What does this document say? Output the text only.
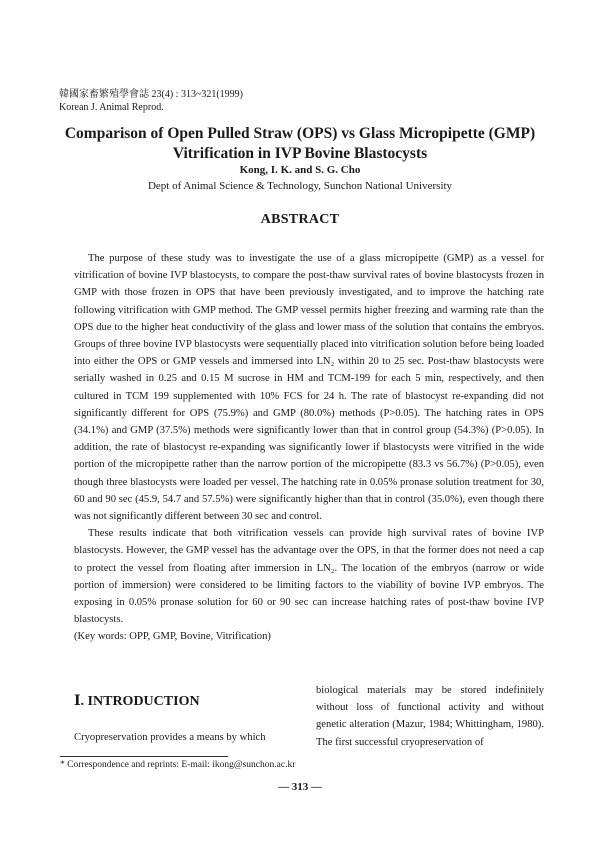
韓國家畜繁殖學會誌 23(4) : 313~321(1999)
Korean J. Animal Reprod.
Comparison of Open Pulled Straw (OPS) vs Glass Micropipette (GMP)
Vitrification in IVP Bovine Blastocysts
Kong, I. K. and S. G. Cho
Dept of Animal Science & Technology, Sunchon National University
ABSTRACT

The purpose of these study was to investigate the use of a glass micropipette (GMP) as a vessel for vitrification of bovine IVP blastocysts, to compare the post-thaw survival rates of bovine blastocysts frozen in GMP with those frozen in OPS that have been previously investigated, and to improve the hatching rate following vitrification with GMP method. The GMP vessel permits higher freezing and warming rate than the OPS due to the higher heat conductivity of the glass and lower mass of the solution that contains the embryos. Groups of three bovine IVP blastocysts were sequentially placed into vitrification solution before being loaded into either the OPS or GMP vessels and immersed into LN₂ within 20 to 25 sec. Post-thaw blastocysts were serially washed in 0.25 and 0.15 M sucrose in HM and TCM-199 for each 5 min, respectively, and then cultured in TCM 199 supplemented with 10% FCS for 24 h. The rate of blastocyst re-expanding did not significantly different for OPS (75.9%) and GMP (80.0%) methods (P>0.05). The hatching rates in OPS (34.1%) and GMP (37.5%) methods were significantly lower than that in control group (54.3%) (P>0.05). In addition, the rate of blastocyst re-expanding was significantly lower if blastocysts were vitrified in the wide portion of the micropipette rather than the narrow portion of the micropipette (83.3 vs 56.7%) (P>0.05), even though three blastocysts were loaded per vessel. The hatching rate in 0.05% pronase solution treatment for 30, 60 and 90 sec (45.9, 54.7 and 57.5%) were significantly higher than that in control (35.0%), even though there was not significantly different between 30 sec and control.

These results indicate that both vitrification vessels can provide high survival rates of bovine IVP blastocysts. However, the GMP vessel has the advantage over the OPS, in that the former does not need a cap to protect the vessel from floating after immersion in LN₂. The location of the embryos (narrow or wide portion of immersion) were considered to be limiting factors to the viability of bovine IVP embryos. The exposing in 0.05% pronase solution for 60 or 90 sec can increase hatching rates of post-thaw bovine IVP blastocysts.

(Key words: OPP, GMP, Bovine, Vitrification)

Ⅰ. INTRODUCTION
Cryopreservation provides a means by which
biological materials may be stored indefinitely without loss of functional activity and without genetic alteration (Mazur, 1984; Whittingham, 1980). The first successful cryopreservation of
* Correspondence and reprints: E-mail: ikong@sunchon.ac.kr
— 313 —
